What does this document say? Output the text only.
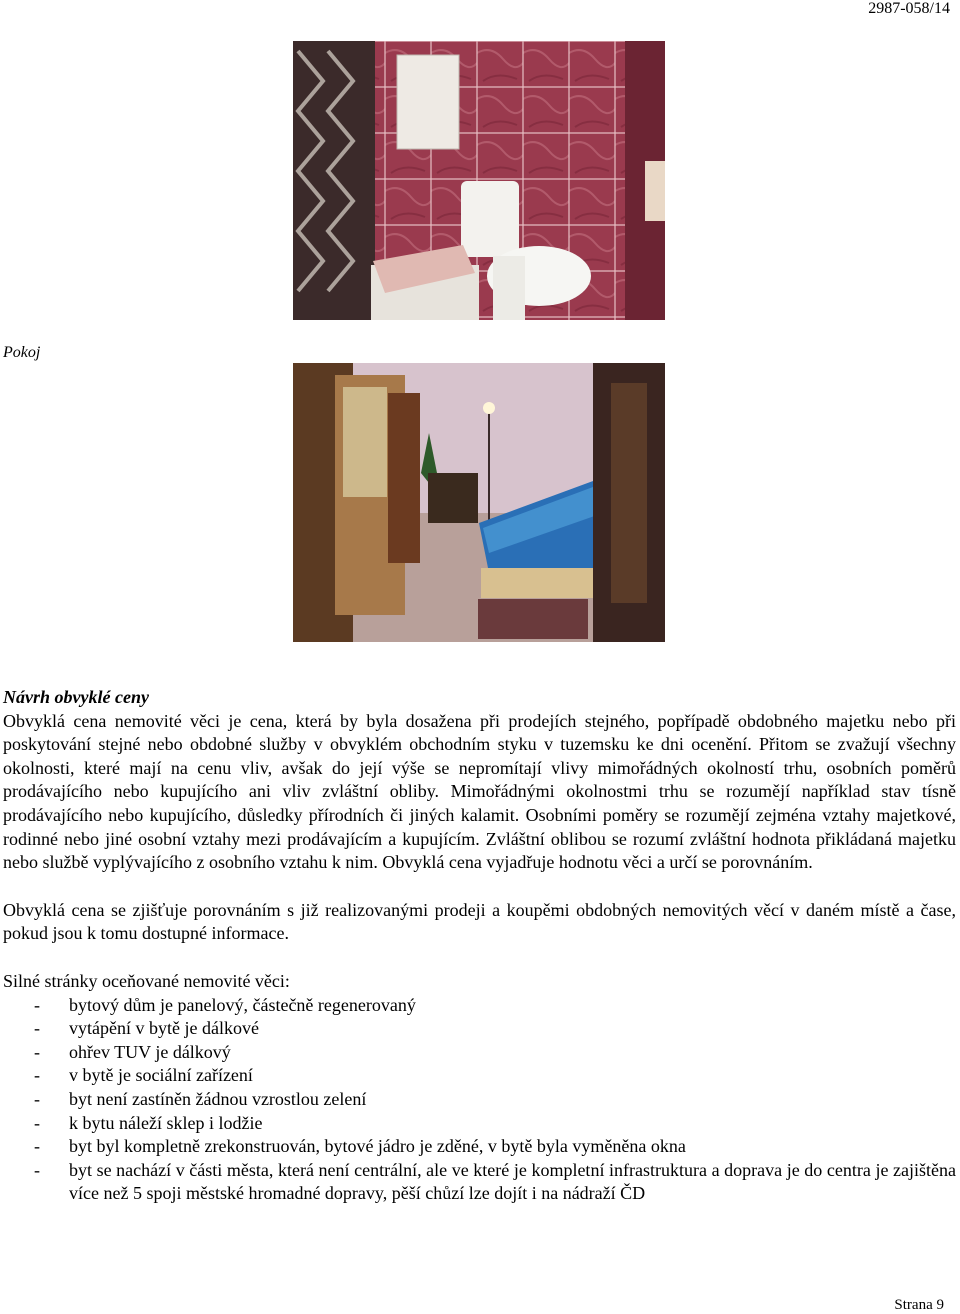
2987-058/14
Pokoj

Návrh obvyklé ceny

Obvyklá cena nemovité věci je cena, která by byla dosažena při prodejích stejného, popřípadě obdobného majetku nebo při poskytování stejné nebo obdobné služby v obvyklém obchodním styku v tuzemsku ke dni ocenění. Přitom se zvažují všechny okolnosti, které mají na cenu vliv, avšak do její výše se nepromítají vlivy mimořádných okolností trhu, osobních poměrů prodávajícího nebo kupujícího ani vliv zvláštní obliby. Mimořádnými okolnostmi trhu se rozumějí například stav tísně prodávajícího nebo kupujícího, důsledky přírodních či jiných kalamit. Osobními poměry se rozumějí zejména vztahy majetkové, rodinné nebo jiné osobní vztahy mezi prodávajícím a kupujícím. Zvláštní oblibou se rozumí zvláštní hodnota přikládaná majetku nebo službě vyplývajícího z osobního vztahu k nim. Obvyklá cena vyjadřuje hodnotu věci a určí se porovnáním.

Obvyklá cena se zjišťuje porovnáním s již realizovanými prodeji a koupěmi obdobných nemovitých věcí v daném místě a čase, pokud jsou k tomu dostupné informace.

Silné stránky oceňované nemovité věci:

-	bytový dům je panelový, částečně regenerovaný
-	vytápění v bytě je dálkové
-	ohřev TUV je dálkový
-	v bytě je sociální zařízení
-	byt není zastíněn žádnou vzrostlou zelení
-	k bytu náleží sklep i lodžie
-	byt byl kompletně zrekonstruován, bytové jádro je zděné, v bytě byla vyměněna okna
-	byt se nachází v části města, která není centrální, ale ve které je kompletní infrastruktura a doprava je do centra je zajištěna více než 5 spoji městské hromadné dopravy, pěší chůzí lze dojít i na nádraží ČD
Strana 9
